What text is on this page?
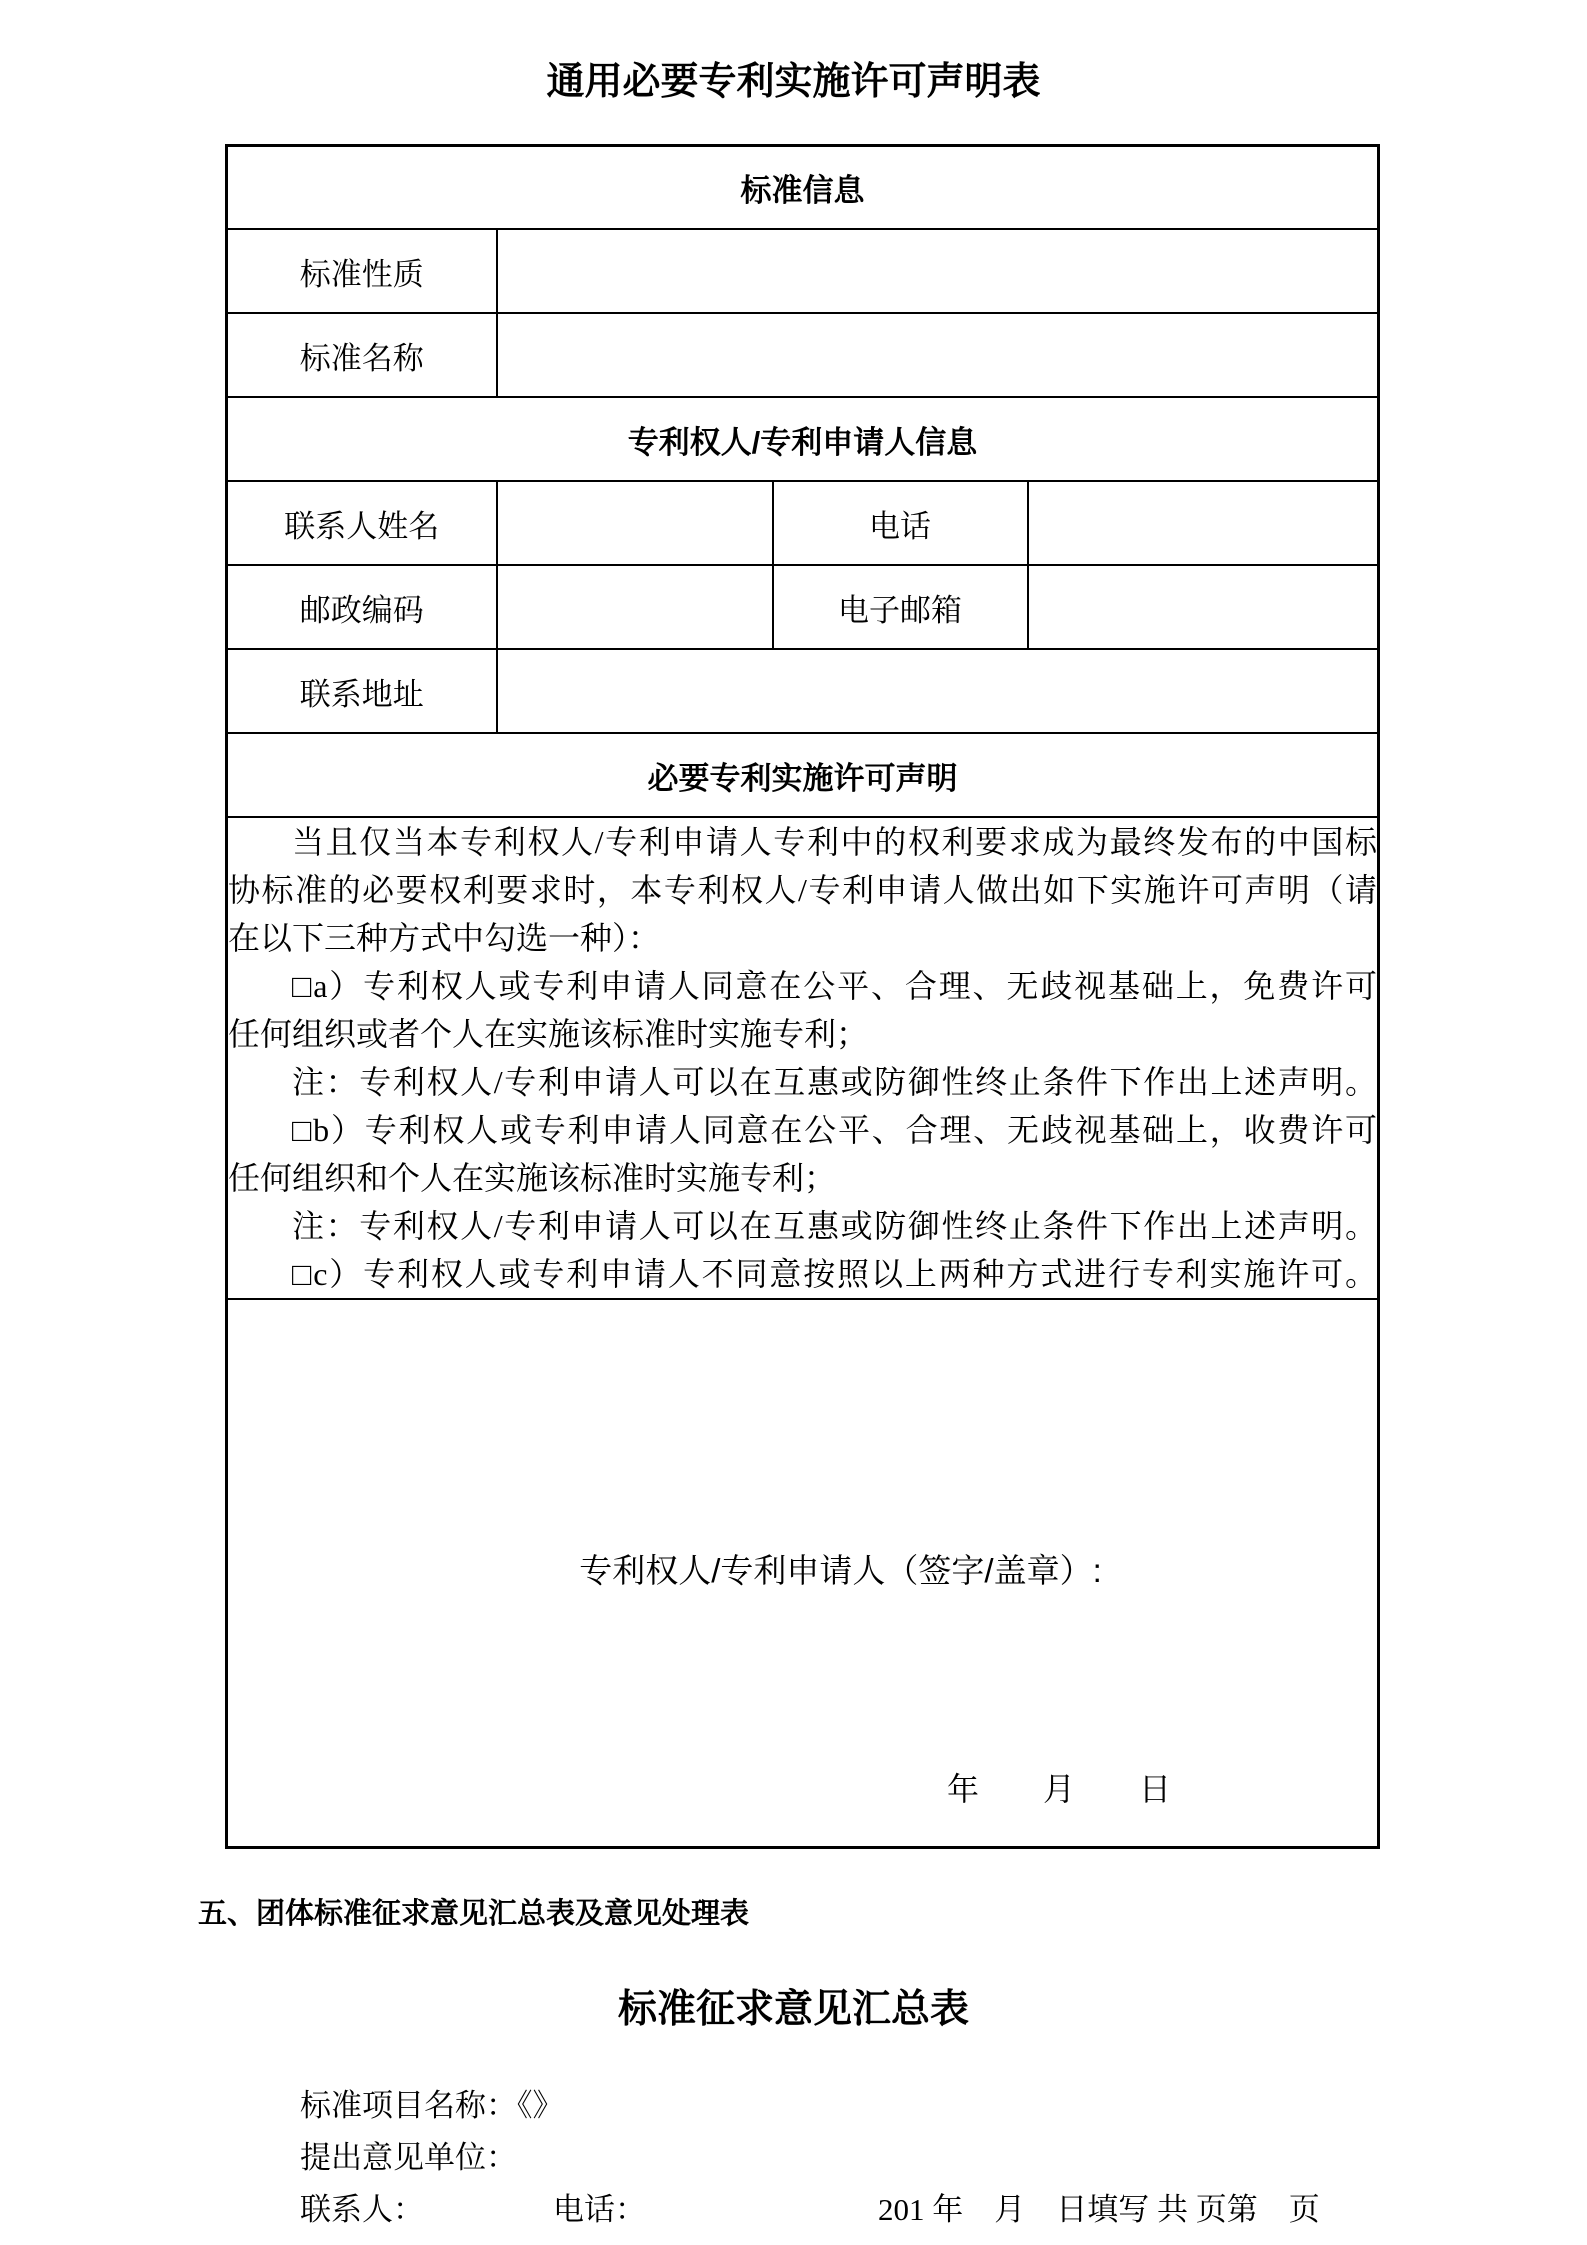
通用必要专利实施许可声明表
标准信息			
标准性质			
标准名称			
专利权人/专利申请人信息			
联系人姓名		电话	
邮政编码		电子邮箱	
联系地址			
必要专利实施许可声明			

当且仅当本专利权人/专利申请人专利中的权利要求成为最终发布的中国标

协标准的必要权利要求时，本专利权人/专利申请人做出如下实施许可声明（请

在以下三种方式中勾选一种）：

□a）专利权人或专利申请人同意在公平、合理、无歧视基础上，免费许可

任何组织或者个人在实施该标准时实施专利；

注：专利权人/专利申请人可以在互惠或防御性终止条件下作出上述声明。

□b）专利权人或专利申请人同意在公平、合理、无歧视基础上，收费许可

任何组织和个人在实施该标准时实施专利；

注：专利权人/专利申请人可以在互惠或防御性终止条件下作出上述声明。

□c）专利权人或专利申请人不同意按照以上两种方式进行专利实施许可。

专利权人/专利申请人（签字/盖章）:
年　　月　　日			
五、团体标准征求意见汇总表及意见处理表
标准征求意见汇总表
标准项目名称：《》
提出意见单位：
联系人：	电话：	201 年　月　日填写 共 页第　页
